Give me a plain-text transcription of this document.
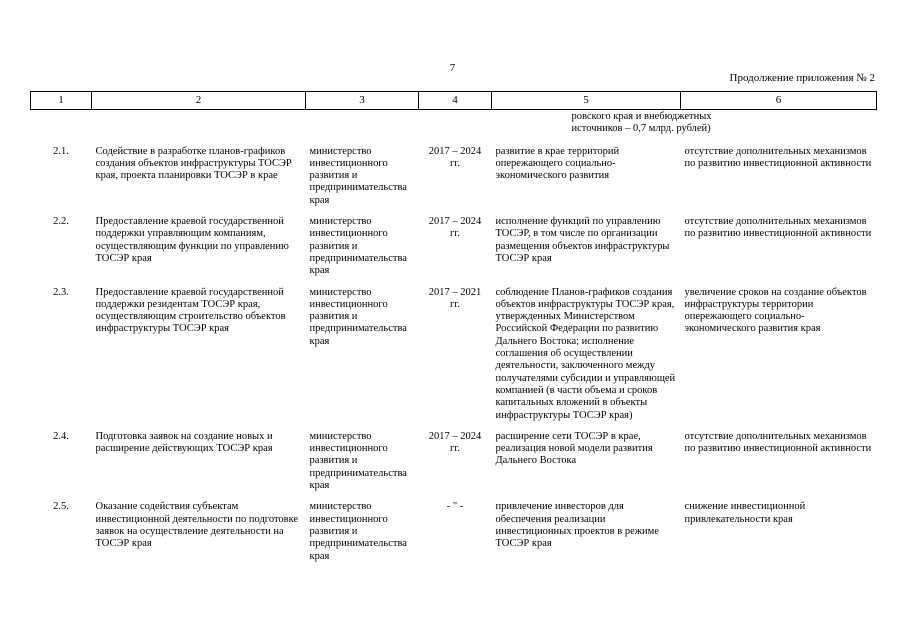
7
Продолжение приложения № 2
1	2	3	4	5	6

				ровского края и внебюджетных источников – 0,7 млрд. рублей)	

2.1.	Содействие в разработке планов-графиков создания объектов инфраструктуры ТОСЭР края, проекта планировки ТОСЭР в крае	министерство инвестиционного развития и предпринимательства края	2017 – 2024 гг.	развитие в крае территорий опережающего социально-экономического развития	отсутствие дополнительных механизмов по развитию инвестиционной активности
2.2.	Предоставление краевой государственной поддержки управляющим компаниям, осуществляющим функции по управлению ТОСЭР края	министерство инвестиционного развития и предпринимательства края	2017 – 2024 гг.	исполнение функций по управлению ТОСЭР, в том числе по организации размещения объектов инфраструктуры ТОСЭР края	отсутствие дополнительных механизмов по развитию инвестиционной активности
2.3.	Предоставление краевой государственной поддержки резидентам ТОСЭР края, осуществляющим строительство объектов инфраструктуры ТОСЭР края	министерство инвестиционного развития и предпринимательства края	2017 – 2021 гг.	соблюдение Планов-графиков создания объектов инфраструктуры ТОСЭР края, утвержденных Министерством Российской Федерации по развитию Дальнего Востока; исполнение соглашения об осуществлении деятельности, заключенного между получателями субсидии и управляющей компанией (в части объема и сроков капитальных вложений в объекты инфраструктуры ТОСЭР края)	увеличение сроков на создание объектов инфраструктуры территории опережающего социально-экономического развития края
2.4.	Подготовка заявок на создание новых и расширение действующих ТОСЭР края	министерство инвестиционного развития и предпринимательства края	2017 – 2024 гг.	расширение сети ТОСЭР в крае, реализация новой модели развития Дальнего Востока	отсутствие дополнительных механизмов по развитию инвестиционной активности
2.5.	Оказание содействия субъектам инвестиционной деятельности по подготовке заявок на осуществление деятельности на ТОСЭР края	министерство инвестиционного развития и предпринимательства края	- " -	привлечение инвесторов для обеспечения реализации инвестиционных проектов в режиме ТОСЭР края	снижение инвестиционной привлекательности края
